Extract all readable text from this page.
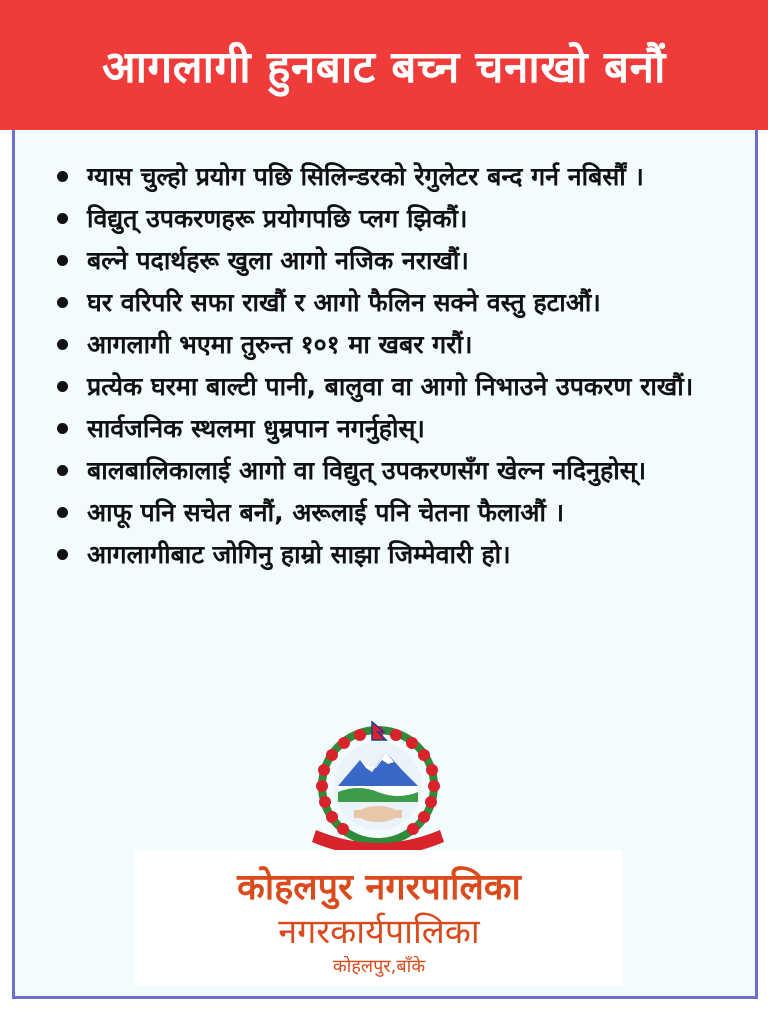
आगलागी हुनबाट बच्न चनाखो बनौं
ग्यास चुल्हो प्रयोग पछि सिलिन्डरको रेगुलेटर बन्द गर्न नबिर्सौं ।
विद्युत् उपकरणहरू प्रयोगपछि प्लग झिकौं।
बल्ने पदार्थहरू खुला आगो नजिक नराखौं।
घर वरिपरि सफा राखौं र आगो फैलिन सक्ने वस्तु हटाऔं।
आगलागी भएमा तुरुन्त १०१ मा खबर गरौं।
प्रत्येक घरमा बाल्टी पानी, बालुवा वा आगो निभाउने उपकरण राखौं।
सार्वजनिक स्थलमा धुम्रपान नगर्नुहोस्।
बालबालिकालाई आगो वा विद्युत् उपकरणसँग खेल्न नदिनुहोस्।
आफू पनि सचेत बनौं, अरूलाई पनि चेतना फैलाऔं ।
आगलागीबाट जोगिनु हाम्रो साझा जिम्मेवारी हो।
कोहलपुर नगरपालिका
नगरकार्यपालिका
कोहलपुर,बाँके
